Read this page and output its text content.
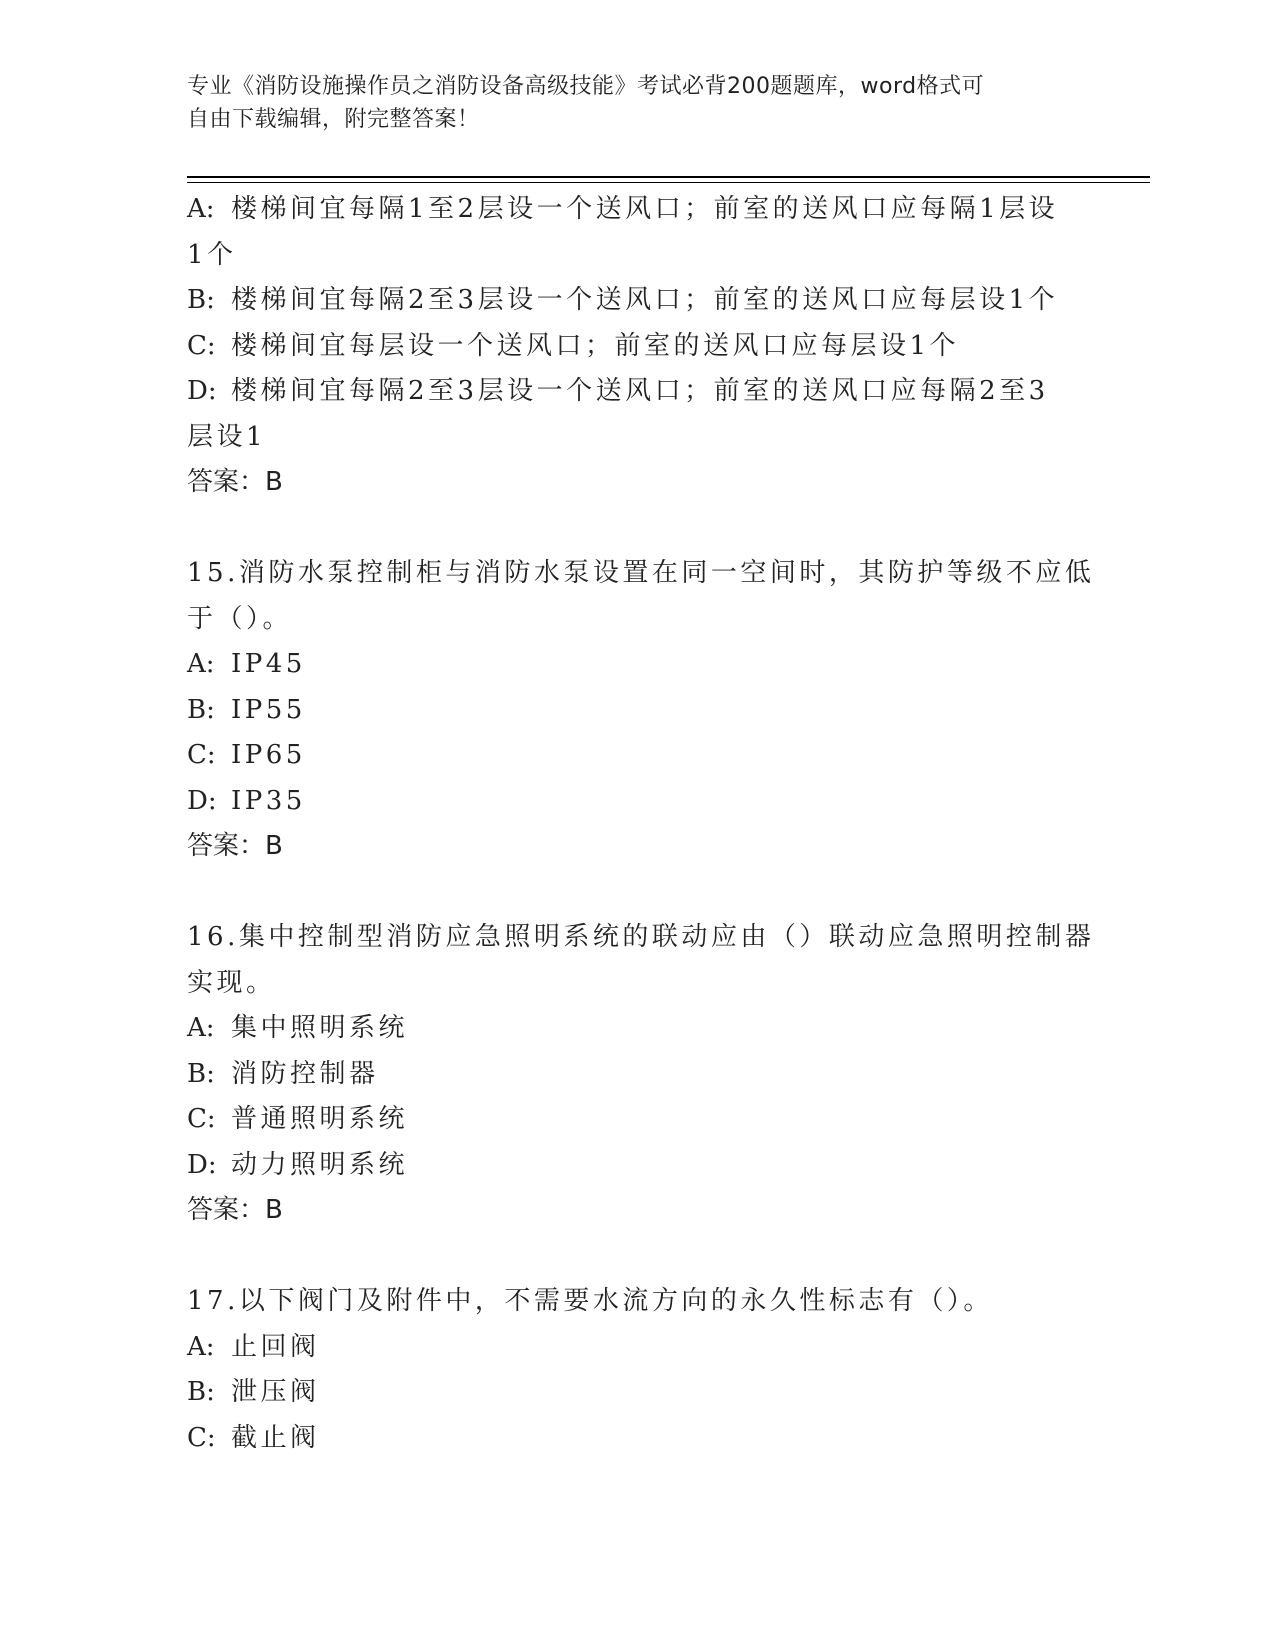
专业《消防设施操作员之消防设备高级技能》考试必背200题题库，word格式可
自由下载编辑，附完整答案！
A: 楼梯间宜每隔1至2层设一个送风口；前室的送风口应每隔1层设
1个
B: 楼梯间宜每隔2至3层设一个送风口；前室的送风口应每层设1个
C: 楼梯间宜每层设一个送风口；前室的送风口应每层设1个
D: 楼梯间宜每隔2至3层设一个送风口；前室的送风口应每隔2至3
层设1
答案：B
15.消防水泵控制柜与消防水泵设置在同一空间时，其防护等级不应低
于（）。
A: IP45
B: IP55
C: IP65
D: IP35
答案：B
16.集中控制型消防应急照明系统的联动应由（）联动应急照明控制器
实现。
A: 集中照明系统
B: 消防控制器
C: 普通照明系统
D: 动力照明系统
答案：B
17.以下阀门及附件中，不需要水流方向的永久性标志有（）。
A: 止回阀
B: 泄压阀
C: 截止阀
